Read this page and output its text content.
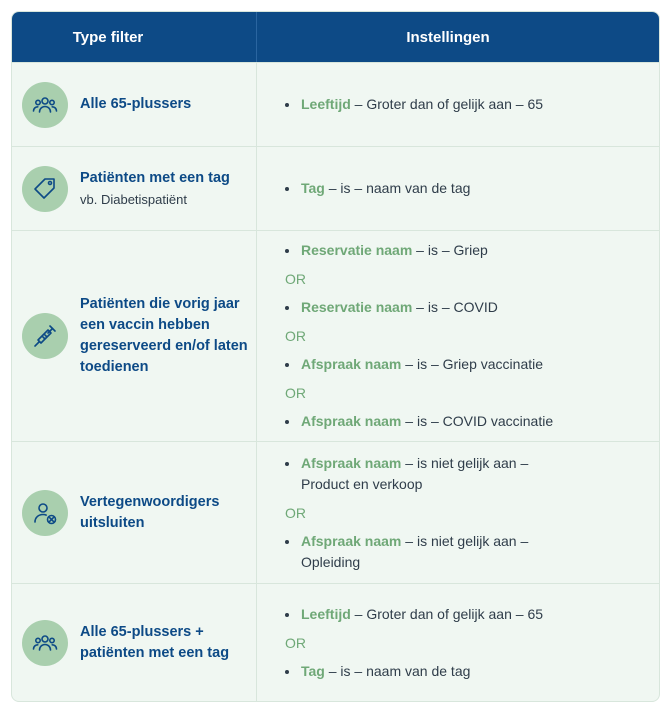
Type filter	Instellingen
Alle 65-plussers	Leeftijd – Groter dan of gelijk aan – 65
Patiënten met een tag
vb. Diabetispatiënt
Tag – is – naam van de tag
Patiënten die vorig jaar een vaccin hebben gereserveerd en/of laten toedienen
Reservatie naam – is – Griep
OR
Reservatie naam – is – COVID
OR
Afspraak naam – is – Griep vaccinatie
OR
Afspraak naam – is – COVID vaccinatie
Vertegenwoordigers uitsluiten
Afspraak naam – is niet gelijk aan – Product en verkoop
OR
Afspraak naam – is niet gelijk aan – Opleiding
Alle 65-plussers + patiënten met een tag
Leeftijd – Groter dan of gelijk aan – 65
OR
Tag – is – naam van de tag
